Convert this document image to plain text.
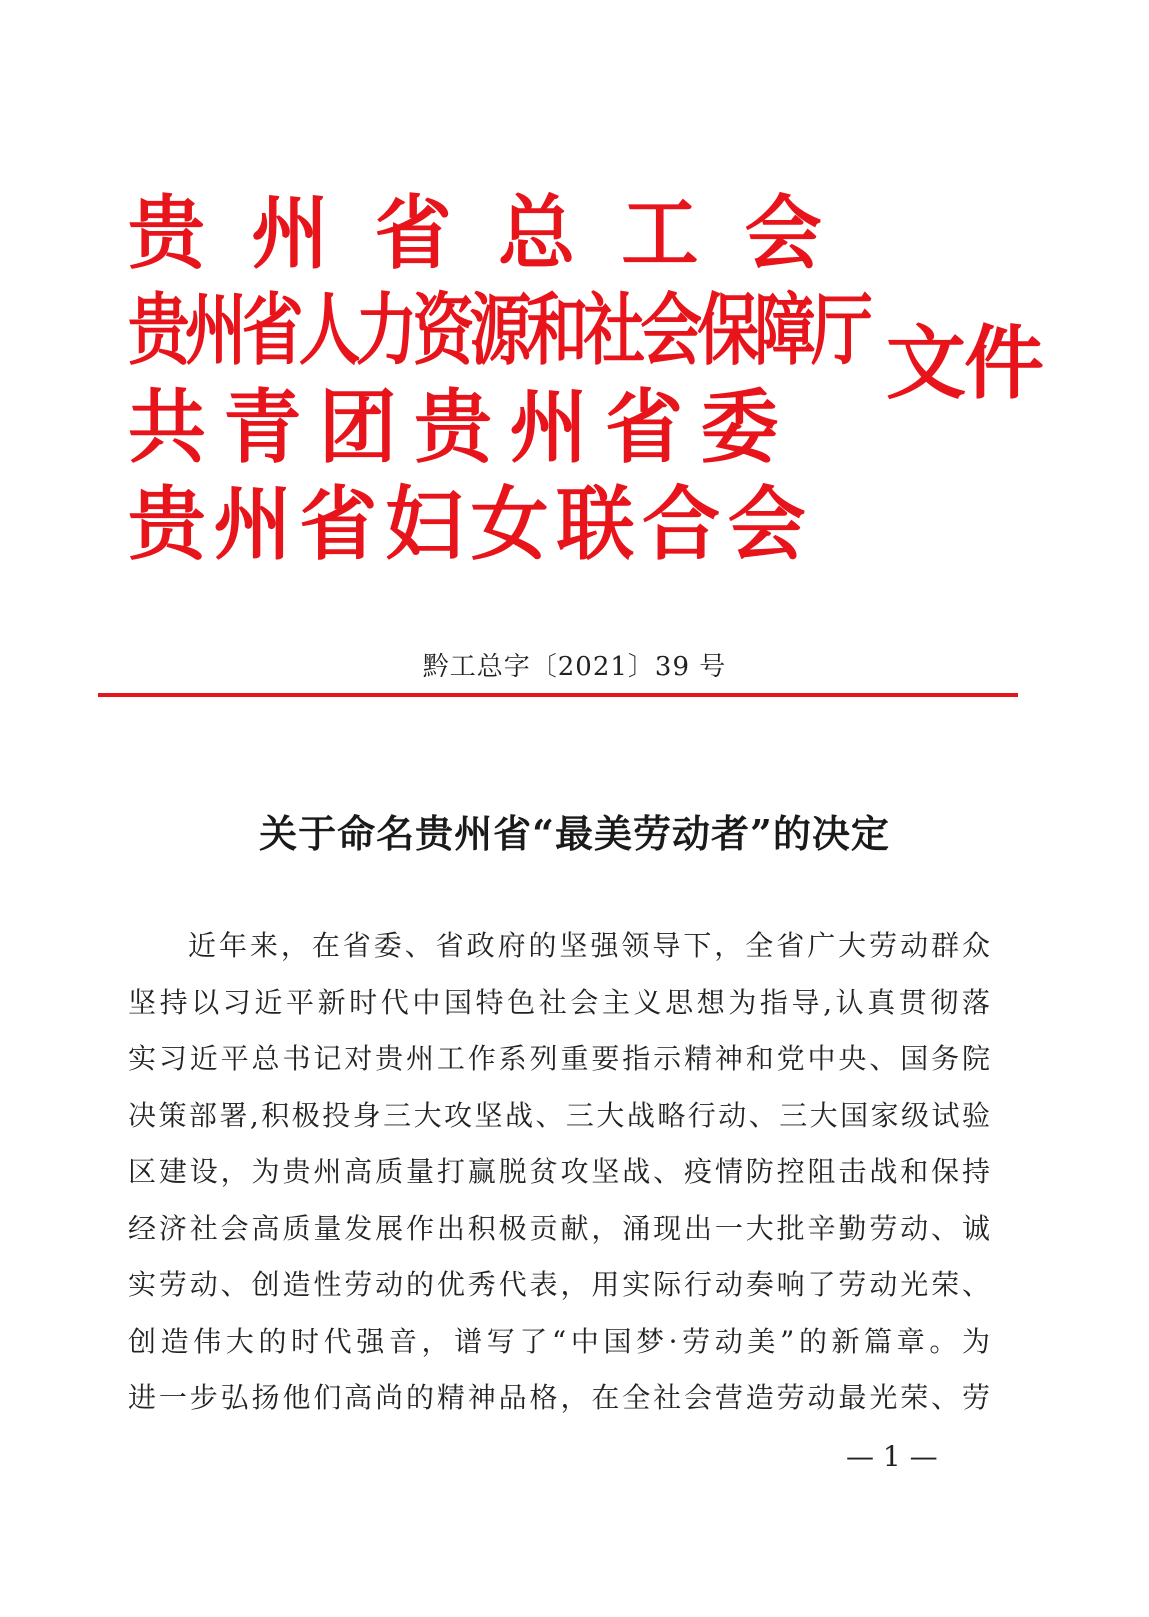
贵州省总工会
贵州省人力资源和社会保障厅
共青团贵州省委
贵州省妇女联合会
文件
黔工总字〔2021〕39 号
关于命名贵州省“最美劳动者”的决定
近年来，在省委、省政府的坚强领导下，全省广大劳动群众
坚持以习近平新时代中国特色社会主义思想为指导,认真贯彻落
实习近平总书记对贵州工作系列重要指示精神和党中央、国务院
决策部署,积极投身三大攻坚战、三大战略行动、三大国家级试验
区建设，为贵州高质量打赢脱贫攻坚战、疫情防控阻击战和保持
经济社会高质量发展作出积极贡献，涌现出一大批辛勤劳动、诚
实劳动、创造性劳动的优秀代表，用实际行动奏响了劳动光荣、
创造伟大的时代强音，谱写了“中国梦·劳动美”的新篇章。为
进一步弘扬他们高尚的精神品格，在全社会营造劳动最光荣、劳
— 1 —
